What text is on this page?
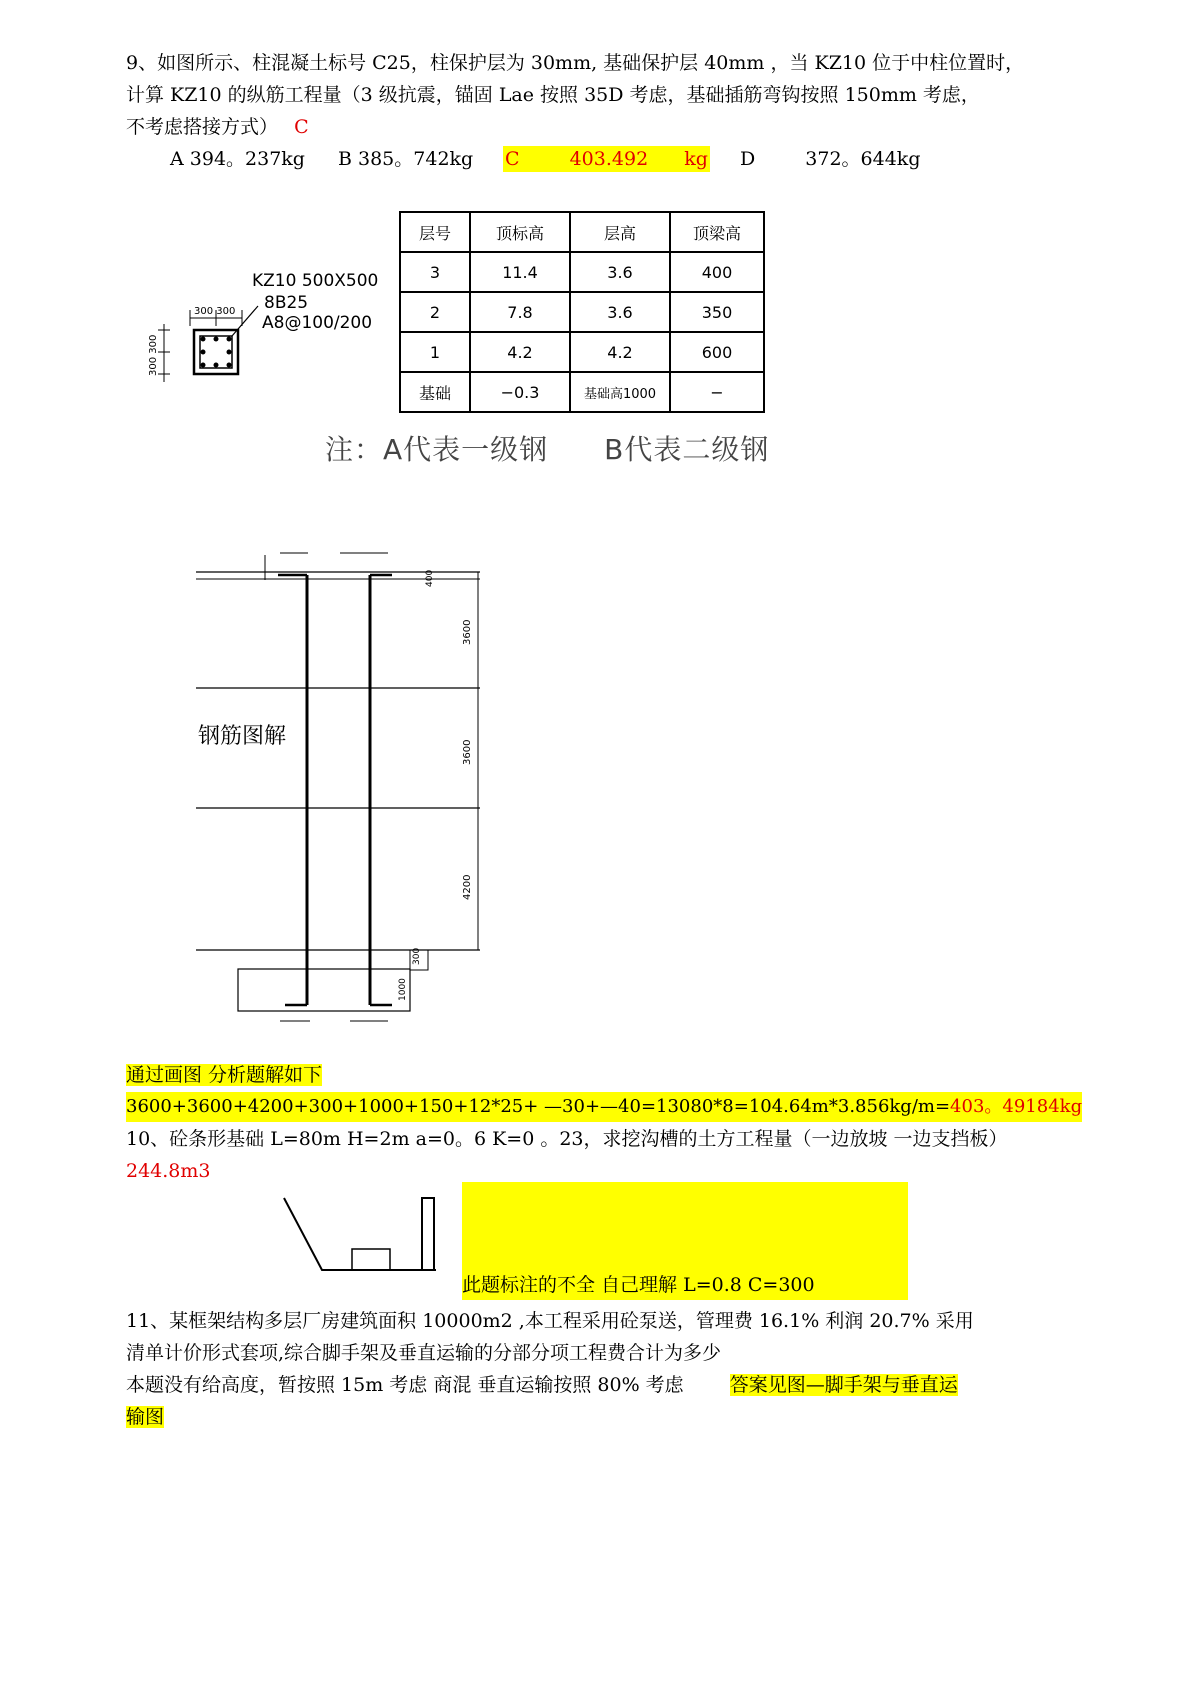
9、如图所示、柱混凝土标号 C25，柱保护层为 30mm, 基础保护层 40mm ，当 KZ10 位于中柱位置时，
计算 KZ10 的纵筋工程量（3 级抗震，锚固 Lae 按照 35D 考虑，基础插筋弯钩按照 150mm 考虑，
不考虑搭接方式） C
A 394。237kg B 385。742kg C	403.492 kg D	372。644kg
KZ10 500X500
8B25
A8@100/200
300 300
300 300
层号	顶标高	层高	顶梁高
3	11.4	3.6	400
2	7.8	3.6	350
1	4.2	4.2	600
基础	−0.3	基础高1000	−
注：A代表一级钢 B代表二级钢
3600
3600
4200
400
300
1000
钢筋图解
通过画图 分析题解如下
3600+3600+4200+300+1000+150+12*25+ —30+—40=13080*8=104.64m*3.856kg/m=403。49184kg
10、砼条形基础 L=80m H=2m a=0。6 K=0 。23，求挖沟槽的土方工程量（一边放坡 一边支挡板）
244.8m3
此题标注的不全 自己理解 L=0.8 C=300
11、某框架结构多层厂房建筑面积 10000m2 ,本工程采用砼泵送，管理费 16.1% 利润 20.7% 采用
清单计价形式套项,综合脚手架及垂直运输的分部分项工程费合计为多少
本题没有给高度，暂按照 15m 考虑 商混 垂直运输按照 80% 考虑 答案见图—脚手架与垂直运
输图
